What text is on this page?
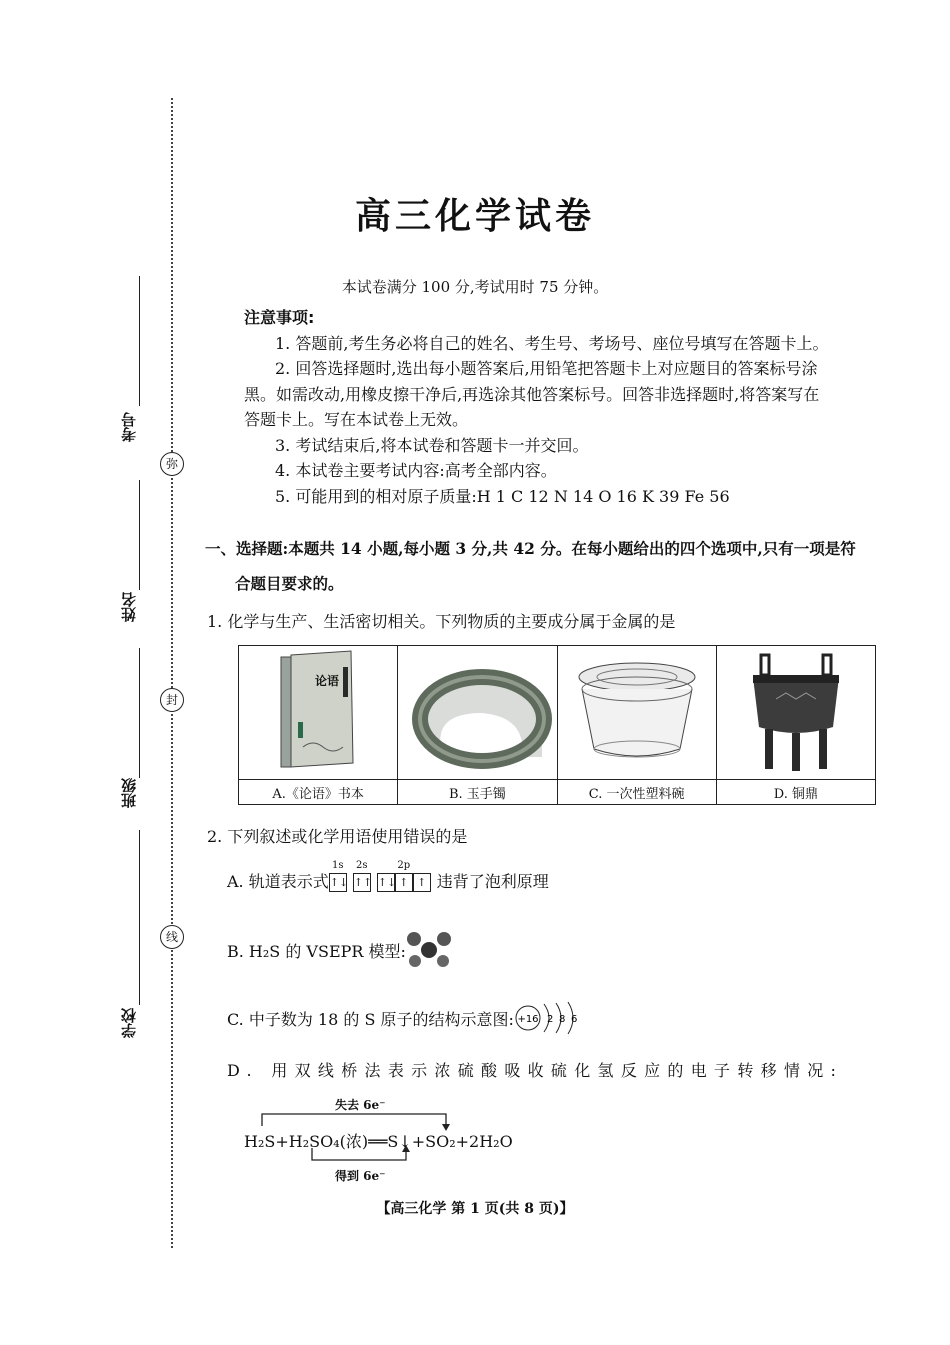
弥
封
线
考号
姓名
班级
学校
高三化学试卷
本试卷满分 100 分,考试用时 75 分钟。
注意事项:
1. 答题前,考生务必将自己的姓名、考生号、考场号、座位号填写在答题卡上。
2. 回答选择题时,选出每小题答案后,用铅笔把答题卡上对应题目的答案标号涂
黑。如需改动,用橡皮擦干净后,再选涂其他答案标号。回答非选择题时,将答案写在
答题卡上。写在本试卷上无效。
3. 考试结束后,将本试卷和答题卡一并交回。
4. 本试卷主要考试内容:高考全部内容。
5. 可能用到的相对原子质量:H 1 C 12 N 14 O 16 K 39 Fe 56
一、选择题:本题共 14 小题,每小题 3 分,共 42 分。在每小题给出的四个选项中,只有一项是符
合题目要求的。
1. 化学与生产、生活密切相关。下列物质的主要成分属于金属的是
论语

A.《论语》书本	B. 玉手镯	C. 一次性塑料碗	D. 铜鼎
2. 下列叙述或化学用语使用错误的是
A. 轨道表示式
1s
↑↓
2s
↑↑
2p
↑↓ ↑ ↑ 违背了泡利原理
B. H₂S 的 VSEPR 模型:
C. 中子数为 18 的 S 原子的结构示意图: +16 2 8 6
D. 用双线桥法表示浓硫酸吸收硫化氢反应的电子转移情况:
失去 6e⁻
H₂S+H₂SO₄(浓)══S↓+SO₂+2H₂O
得到 6e⁻
【高三化学 第 1 页(共 8 页)】
